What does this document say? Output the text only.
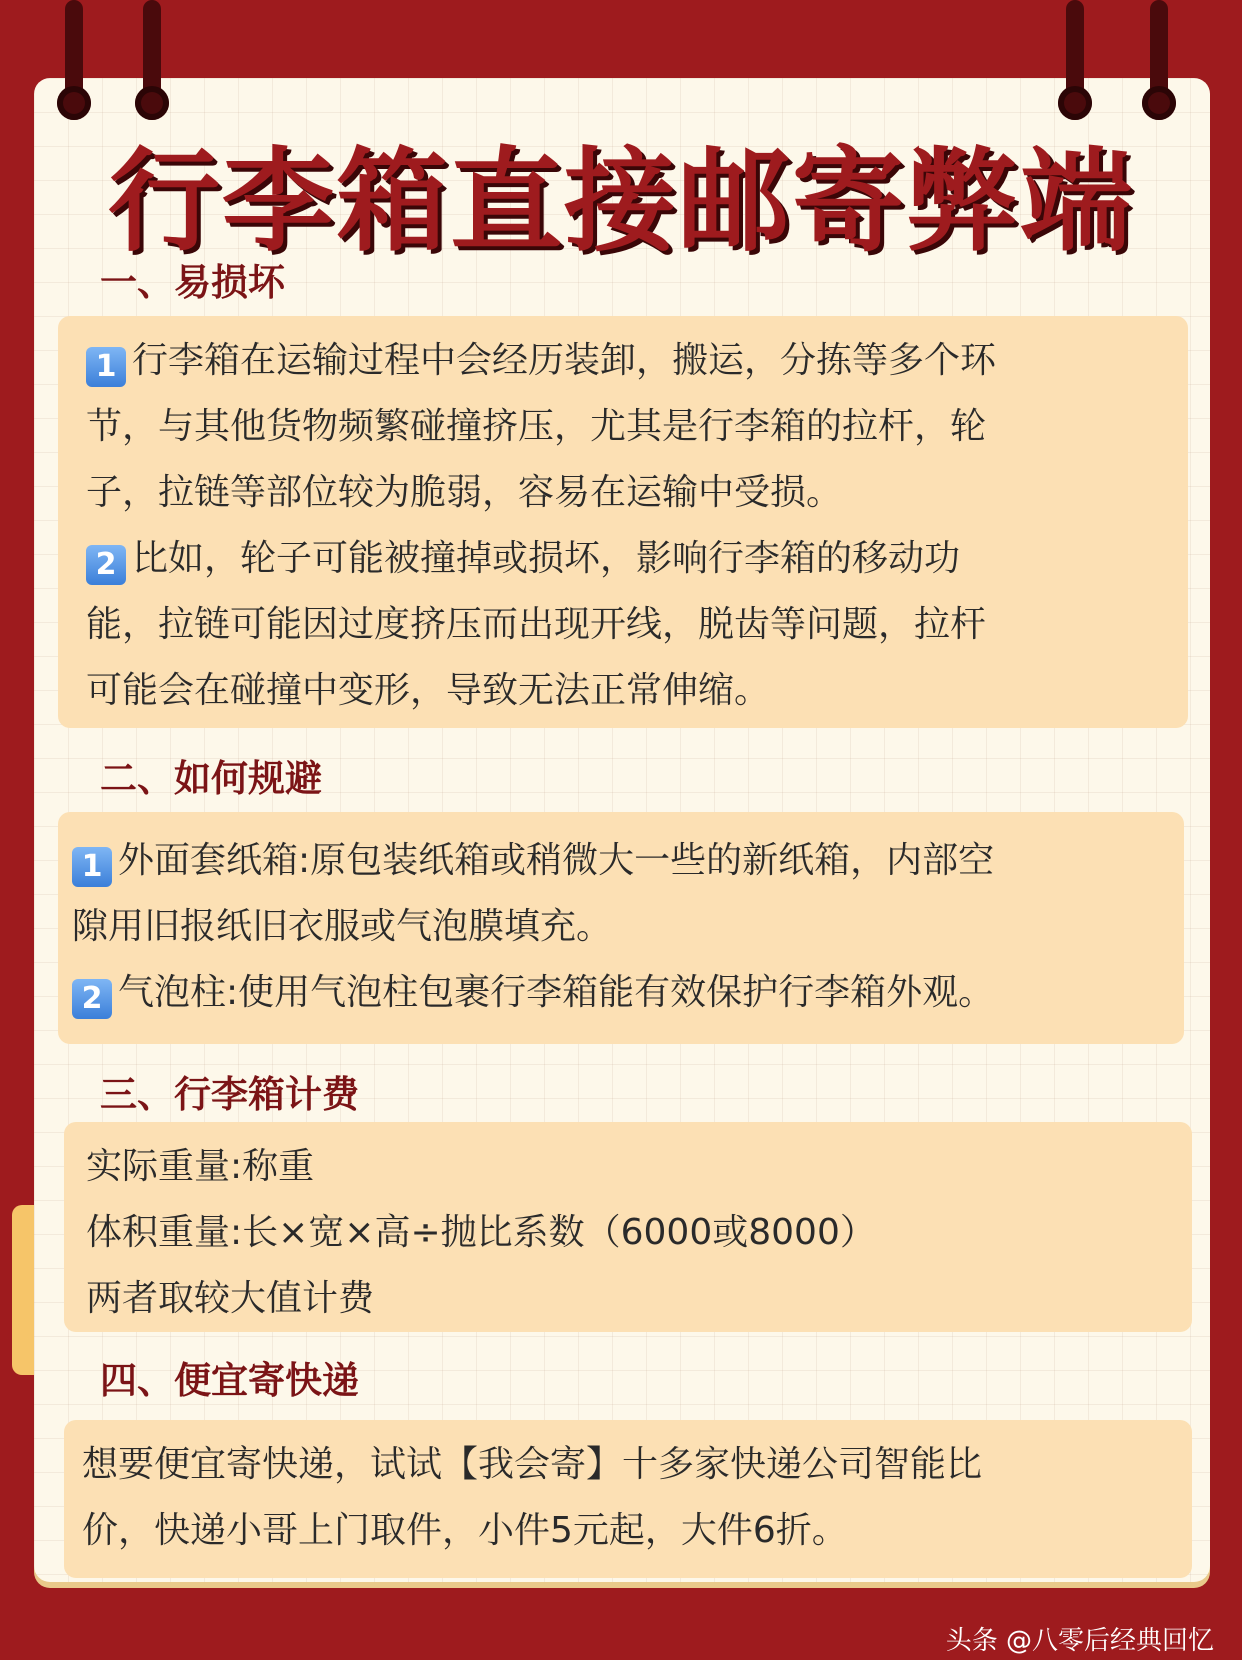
行李箱直接邮寄弊端
一、易损坏
1 行李箱在运输过程中会经历装卸，搬运，分拣等多个环
节，与其他货物频繁碰撞挤压，尤其是行李箱的拉杆，轮
子，拉链等部位较为脆弱，容易在运输中受损。
2 比如，轮子可能被撞掉或损坏，影响行李箱的移动功
能，拉链可能因过度挤压而出现开线，脱齿等问题，拉杆
可能会在碰撞中变形，导致无法正常伸缩。
二、如何规避
1 外面套纸箱:原包装纸箱或稍微大一些的新纸箱，内部空
隙用旧报纸旧衣服或气泡膜填充。
2 气泡柱:使用气泡柱包裹行李箱能有效保护行李箱外观。
三、行李箱计费
实际重量:称重
体积重量:长×宽×高÷抛比系数（6000或8000）
两者取较大值计费
四、便宜寄快递
想要便宜寄快递，试试【我会寄】十多家快递公司智能比
价，快递小哥上门取件，小件5元起，大件6折。
头条 @八零后经典回忆
